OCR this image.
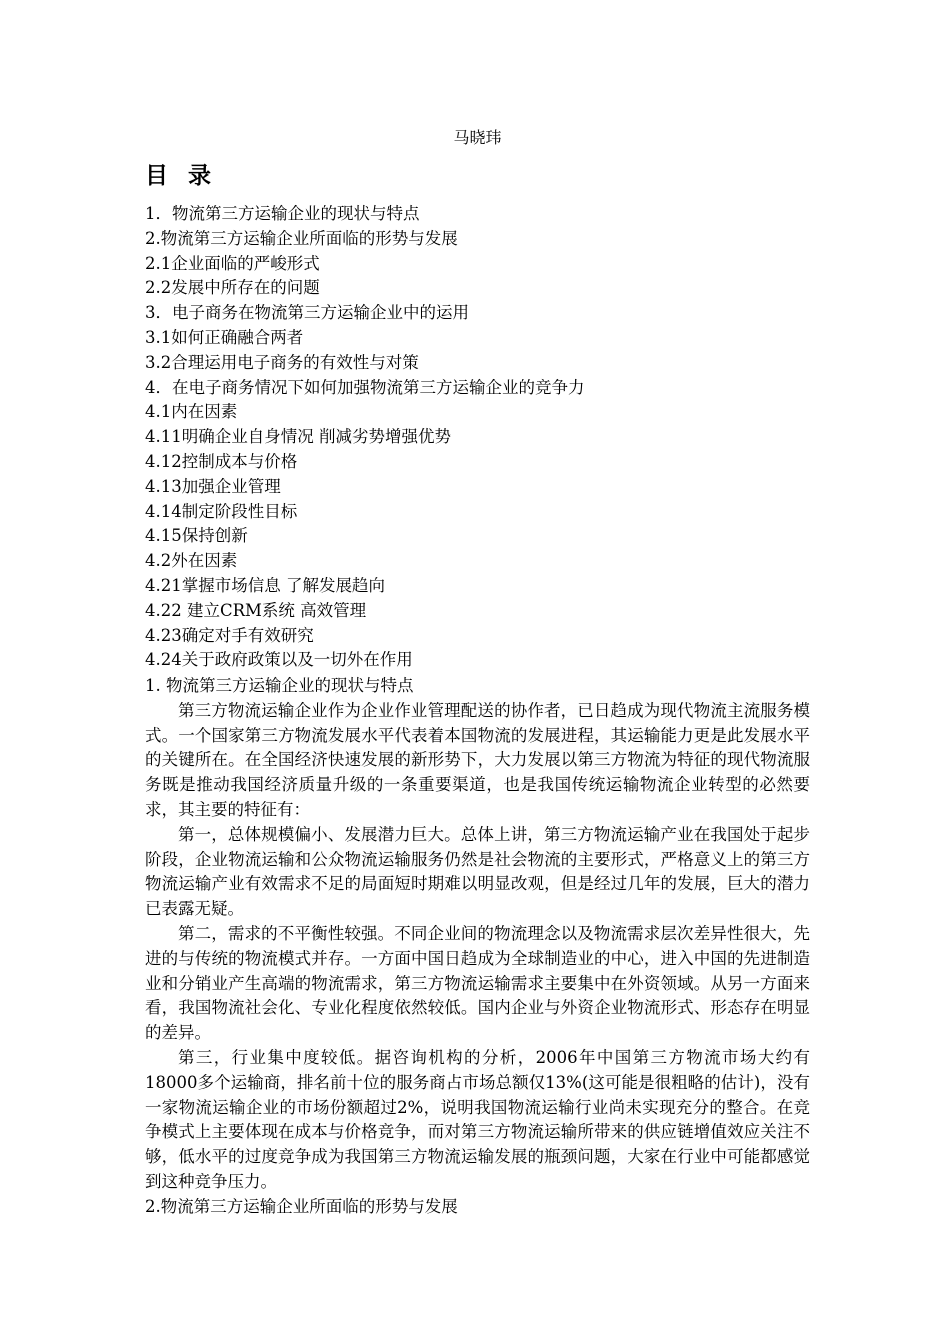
马晓玮
目 录
1．物流第三方运输企业的现状与特点
2.物流第三方运输企业所面临的形势与发展
2.1企业面临的严峻形式
2.2发展中所存在的问题
3．电子商务在物流第三方运输企业中的运用
3.1如何正确融合两者
3.2合理运用电子商务的有效性与对策
4．在电子商务情况下如何加强物流第三方运输企业的竞争力
4.1内在因素
4.11明确企业自身情况 削减劣势增强优势
4.12控制成本与价格
4.13加强企业管理
4.14制定阶段性目标
4.15保持创新
4.2外在因素
4.21掌握市场信息 了解发展趋向
4.22 建立CRM系统 高效管理
4.23确定对手有效研究
4.24关于政府政策以及一切外在作用
1. 物流第三方运输企业的现状与特点

第三方物流运输企业作为企业作业管理配送的协作者，已日趋成为现代物流主流服务模式。一个国家第三方物流发展水平代表着本国物流的发展进程，其运输能力更是此发展水平的关键所在。在全国经济快速发展的新形势下，大力发展以第三方物流为特征的现代物流服务既是推动我国经济质量升级的一条重要渠道，也是我国传统运输物流企业转型的必然要求，其主要的特征有：

第一，总体规模偏小、发展潜力巨大。总体上讲，第三方物流运输产业在我国处于起步阶段，企业物流运输和公众物流运输服务仍然是社会物流的主要形式，严格意义上的第三方物流运输产业有效需求不足的局面短时期难以明显改观，但是经过几年的发展，巨大的潜力已表露无疑。

第二，需求的不平衡性较强。不同企业间的物流理念以及物流需求层次差异性很大，先进的与传统的物流模式并存。一方面中国日趋成为全球制造业的中心，进入中国的先进制造业和分销业产生高端的物流需求，第三方物流运输需求主要集中在外资领域。从另一方面来看，我国物流社会化、专业化程度依然较低。国内企业与外资企业物流形式、形态存在明显的差异。

第三，行业集中度较低。据咨询机构的分析，2006年中国第三方物流市场大约有18000多个运输商，排名前十位的服务商占市场总额仅13%(这可能是很粗略的估计)，没有一家物流运输企业的市场份额超过2%，说明我国物流运输行业尚未实现充分的整合。在竞争模式上主要体现在成本与价格竞争，而对第三方物流运输所带来的供应链增值效应关注不够，低水平的过度竞争成为我国第三方物流运输发展的瓶颈问题，大家在行业中可能都感觉到这种竞争压力。

2.物流第三方运输企业所面临的形势与发展
